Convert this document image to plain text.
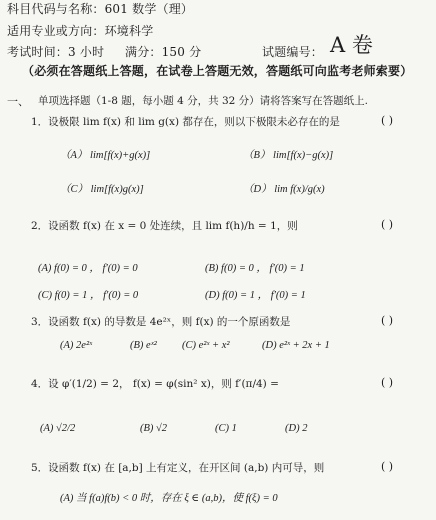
科目代码与名称：601 数学（理）
适用专业或方向：环境科学
考试时间：3 小时 满分：150 分	试题编号： A 卷
（必须在答题纸上答题，在试卷上答题无效，答题纸可向监考老师索要）
一、 单项选择题（1-8 题，每小题 4 分，共 32 分）请将答案写在答题纸上.
1．设极限 lim f(x) 和 lim g(x) 都存在，则以下极限未必存在的是	( )
（A） lim[f(x)+g(x)]	（B） lim[f(x)−g(x)]
（C） lim[f(x)g(x)]	（D） lim f(x)/g(x)
2．设函数 f(x) 在 x = 0 处连续，且 lim f(h)/h = 1，则	( )
(A) f(0) = 0 ， f′(0) = 0	(B) f(0) = 0 ， f′(0) = 1
(C) f(0) = 1 ， f′(0) = 0	(D) f(0) = 1 ， f′(0) = 1
3．设函数 f(x) 的导数是 4e²ˣ，则 f(x) 的一个原函数是	( )
(A) 2e²ˣ	(B) eˣ² (C) e²ˣ + x²	(D) e²ˣ + 2x + 1
4．设 φ′(1/2) = 2， f(x) = φ(sin² x)，则 f′(π/4) =	( )
(A) √2/2	(B) √2	(C) 1	(D) 2
5．设函数 f(x) 在 [a,b] 上有定义，在开区间 (a,b) 内可导，则	( )
(A) 当 f(a)f(b) < 0 时，存在 ξ ∈ (a,b)，使 f(ξ) = 0
